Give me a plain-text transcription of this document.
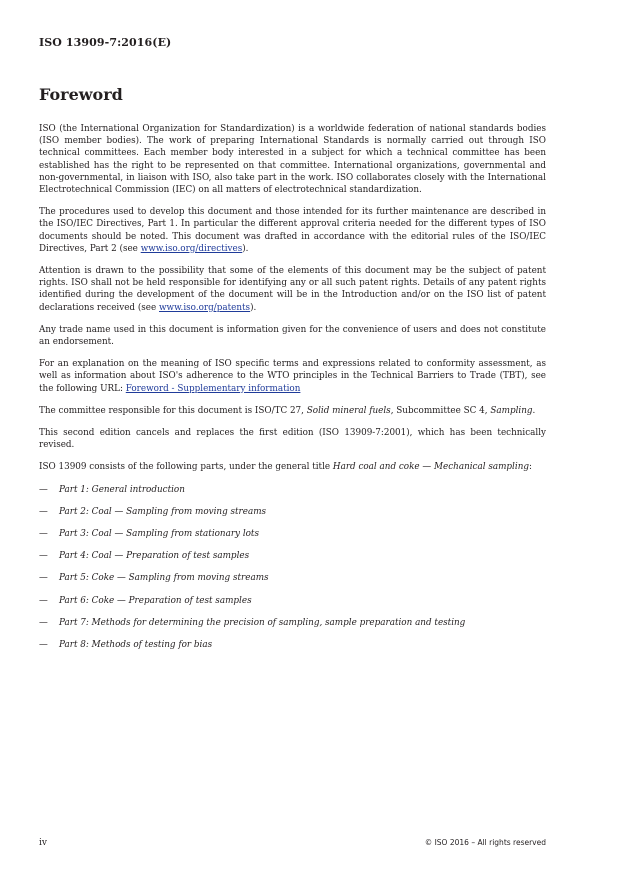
ISO 13909-7:2016(E)
Foreword

ISO (the International Organization for Standardization) is a worldwide federation of national standards bodies (ISO member bodies). The work of preparing International Standards is normally carried out through ISO technical committees. Each member body interested in a subject for which a technical committee has been established has the right to be represented on that committee. International organizations, governmental and non-governmental, in liaison with ISO, also take part in the work. ISO collaborates closely with the International Electrotechnical Commission (IEC) on all matters of electrotechnical standardization.

The procedures used to develop this document and those intended for its further maintenance are described in the ISO/IEC Directives, Part 1. In particular the different approval criteria needed for the different types of ISO documents should be noted. This document was drafted in accordance with the editorial rules of the ISO/IEC Directives, Part 2 (see www.iso.org/directives).

Attention is drawn to the possibility that some of the elements of this document may be the subject of patent rights. ISO shall not be held responsible for identifying any or all such patent rights. Details of any patent rights identified during the development of the document will be in the Introduction and/or on the ISO list of patent declarations received (see www.iso.org/patents).

Any trade name used in this document is information given for the convenience of users and does not constitute an endorsement.

For an explanation on the meaning of ISO specific terms and expressions related to conformity assessment, as well as information about ISO's adherence to the WTO principles in the Technical Barriers to Trade (TBT), see the following URL: Foreword - Supplementary information

The committee responsible for this document is ISO/TC 27, Solid mineral fuels, Subcommittee SC 4, Sampling.

This second edition cancels and replaces the first edition (ISO 13909-7:2001), which has been technically revised.

ISO 13909 consists of the following parts, under the general title Hard coal and coke — Mechanical sampling:

— Part 1: General introduction
— Part 2: Coal — Sampling from moving streams
— Part 3: Coal — Sampling from stationary lots
— Part 4: Coal — Preparation of test samples
— Part 5: Coke — Sampling from moving streams
— Part 6: Coke — Preparation of test samples
— Part 7: Methods for determining the precision of sampling, sample preparation and testing
— Part 8: Methods of testing for bias
iv	© ISO 2016 – All rights reserved
